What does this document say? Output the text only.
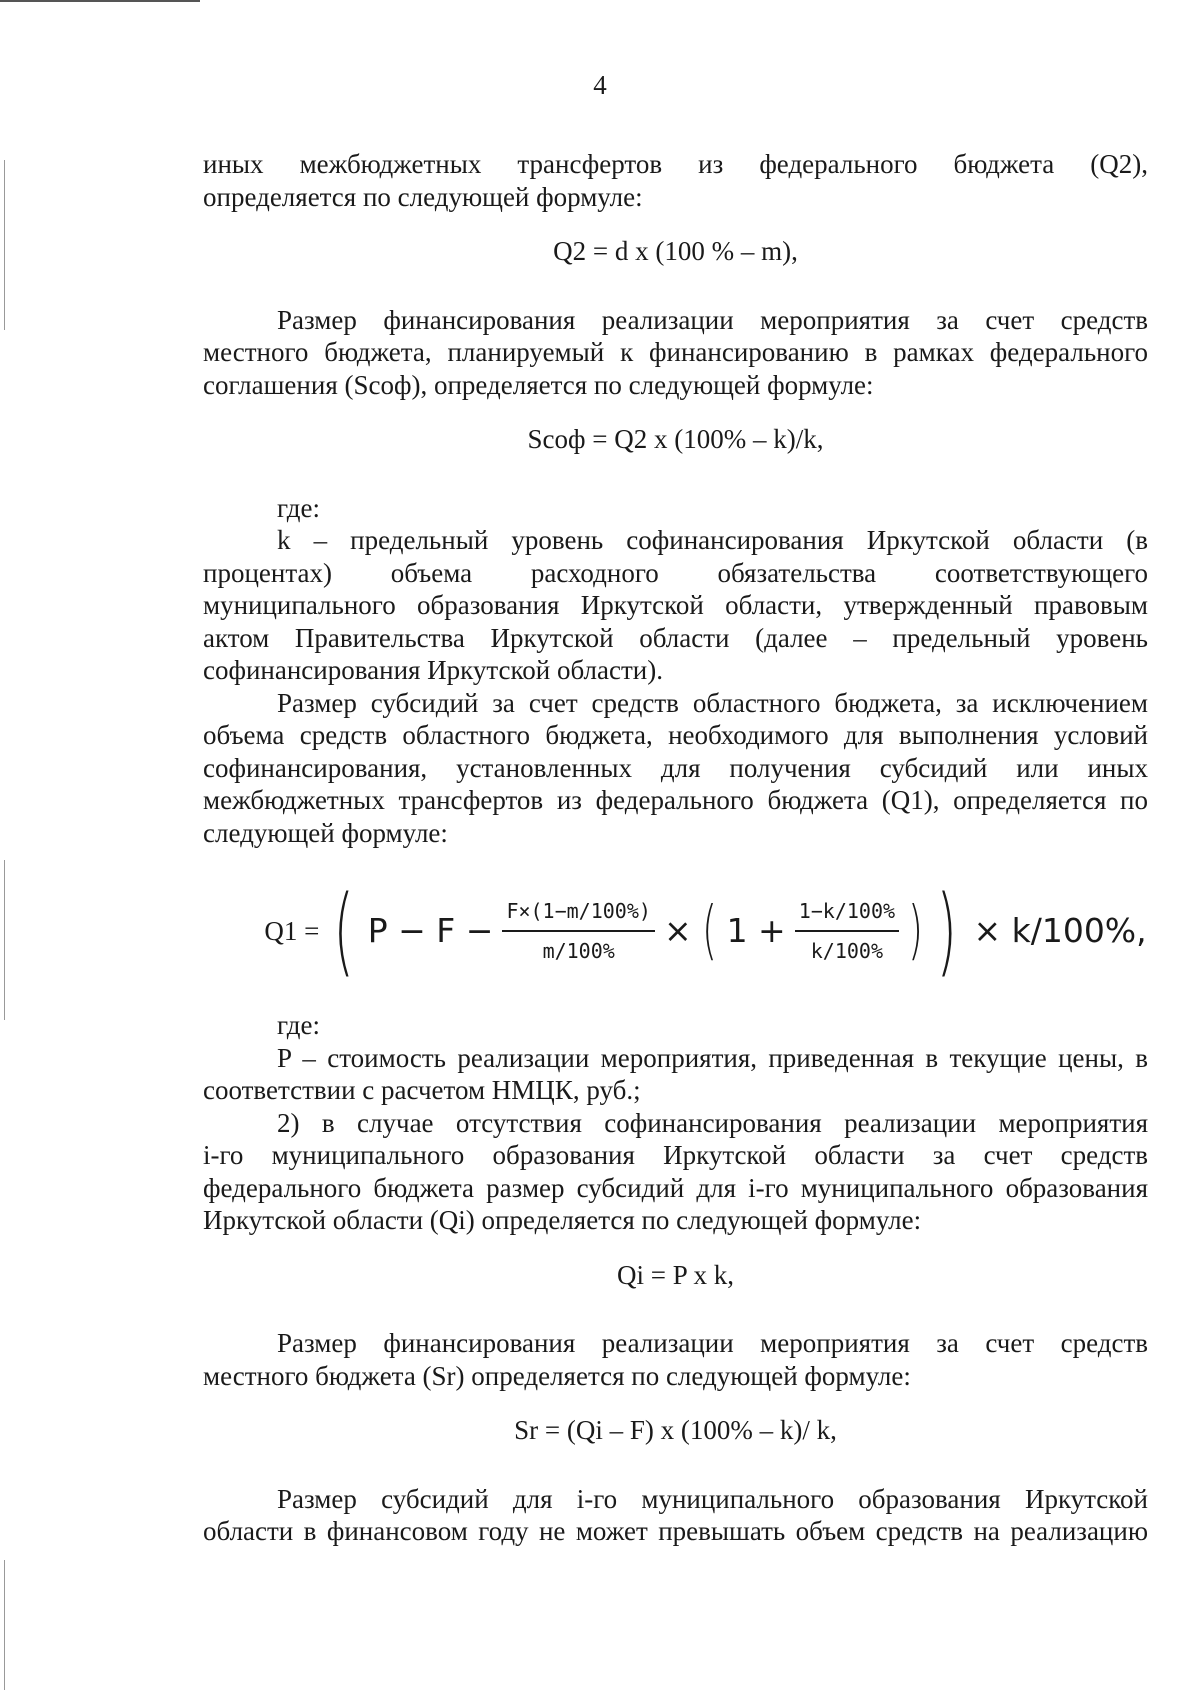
4

иных межбюджетных трансфертов из федерального бюджета (Q2),

определяется по следующей формуле:

Q2 = d x (100 % – m),

Размер финансирования реализации мероприятия за счет средств

местного бюджета, планируемый к финансированию в рамках федерального

соглашения (Sсоф), определяется по следующей формуле:

Sсоф = Q2 x (100% – k)/k,

где:

k – предельный уровень софинансирования Иркутской области (в

процентах) объема расходного обязательства соответствующего

муниципального образования Иркутской области, утвержденный правовым

актом Правительства Иркутской области (далее – предельный уровень

софинансирования Иркутской области).

Размер субсидий за счет средств областного бюджета, за исключением

объема средств областного бюджета, необходимого для выполнения условий

софинансирования, установленных для получения субсидий или иных

межбюджетных трансфертов из федерального бюджета (Q1), определяется по

следующей формуле:

Q1 = ( $P - F - \frac{F\times(1-m/100\%)}{m/100\%}$ × ( $1 + \frac{1-k/100\%}{k/100\%}$ ) ) × k/100%,

где:

P – стоимость реализации мероприятия, приведенная в текущие цены, в

соответствии с расчетом НМЦК, руб.;

2) в случае отсутствия софинансирования реализации мероприятия

i-го муниципального образования Иркутской области за счет средств

федерального бюджета размер субсидий для i-го муниципального образования

Иркутской области (Qi) определяется по следующей формуле:

Qi = P x k,

Размер финансирования реализации мероприятия за счет средств

местного бюджета (Sr) определяется по следующей формуле:

Sr = (Qi – F) x (100% – k)/ k,

Размер субсидий для i-го муниципального образования Иркутской

области в финансовом году не может превышать объем средств на реализацию
